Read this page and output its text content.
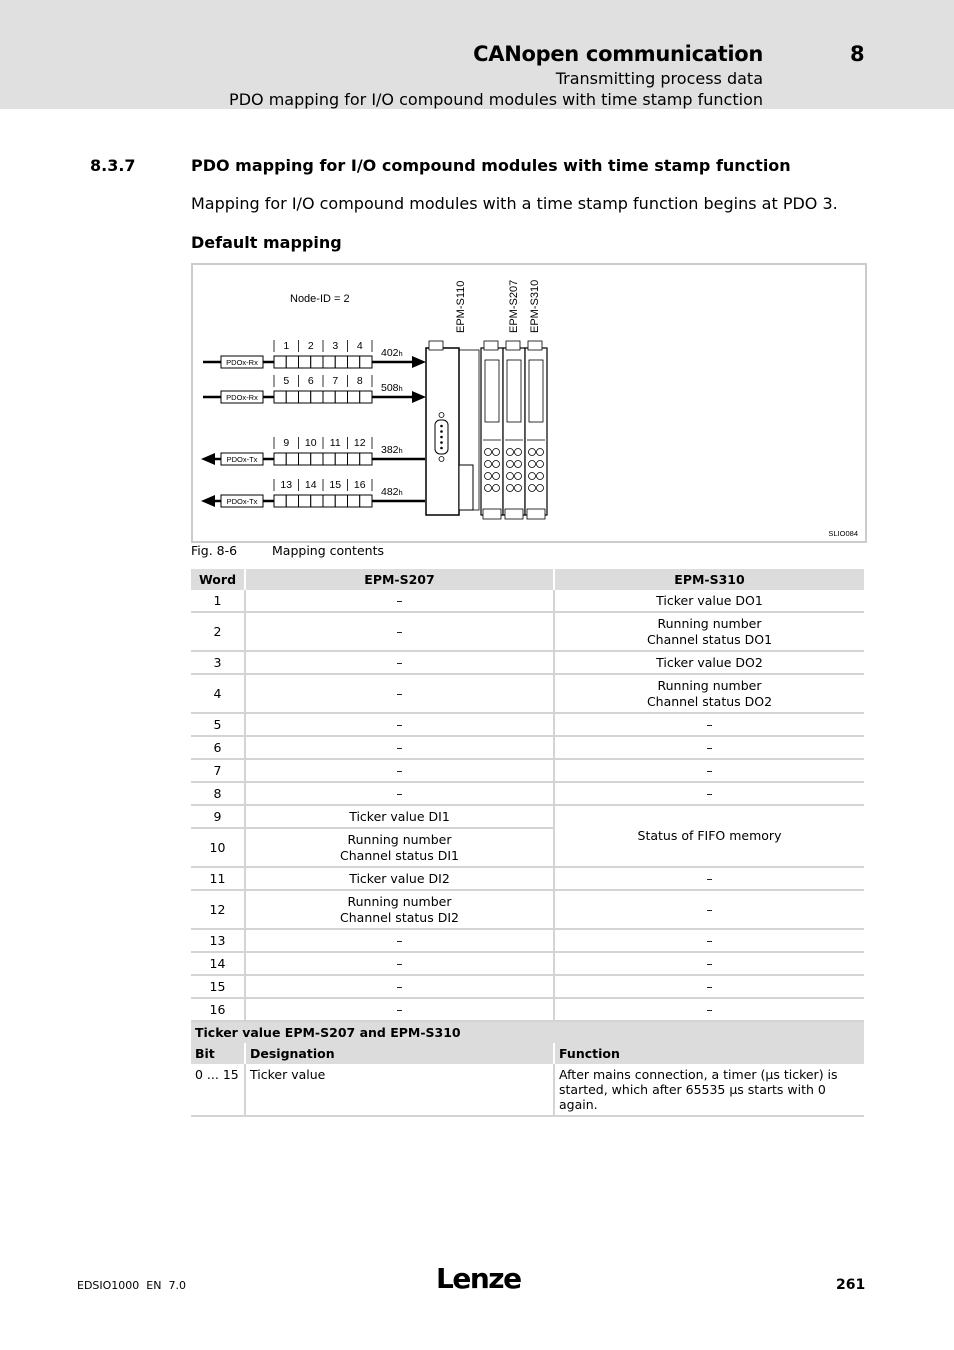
CANopen communication	8
Transmitting process data
PDO mapping for I/O compound modules with time stamp function
8.3.7	PDO mapping for I/O compound modules with time stamp function
Mapping for I/O compound modules with a time stamp function begins at PDO 3.
Default mapping
Node-ID = 2
PDOx-Rx
1 2 3 4
402h
PDOx-Rx
5 6 7 8
508h
PDOx-Tx
9 10 11 12
382h
PDOx-Tx
13 14 15 16
482h
EPM-S110	EPM-S207 EPM-S310
SLIO084
Fig. 8-6	Mapping contents
Word	EPM-S207	EPM-S310
1	–	Ticker value DO1
2	–	Running number
Channel status DO1
3	–	Ticker value DO2
4	–	Running number
Channel status DO2
5	–	–
6	–	–
7	–	–
8	–	–
9	Ticker value DI1	Status of FIFO memory
10	Running number
Channel status DI1	
11	Ticker value DI2	–
12	Running number
Channel status DI2	–
13	–	–
14	–	–
15	–	–
16	–	–
Ticker value EPM-S207 and EPM-S310		
Bit	Designation	Function
0 ... 15	Ticker value	After mains connection, a timer (µs ticker) is started, which after 65535 µs starts with 0 again.
EDSIO1000  EN  7.0	Lenze	261
